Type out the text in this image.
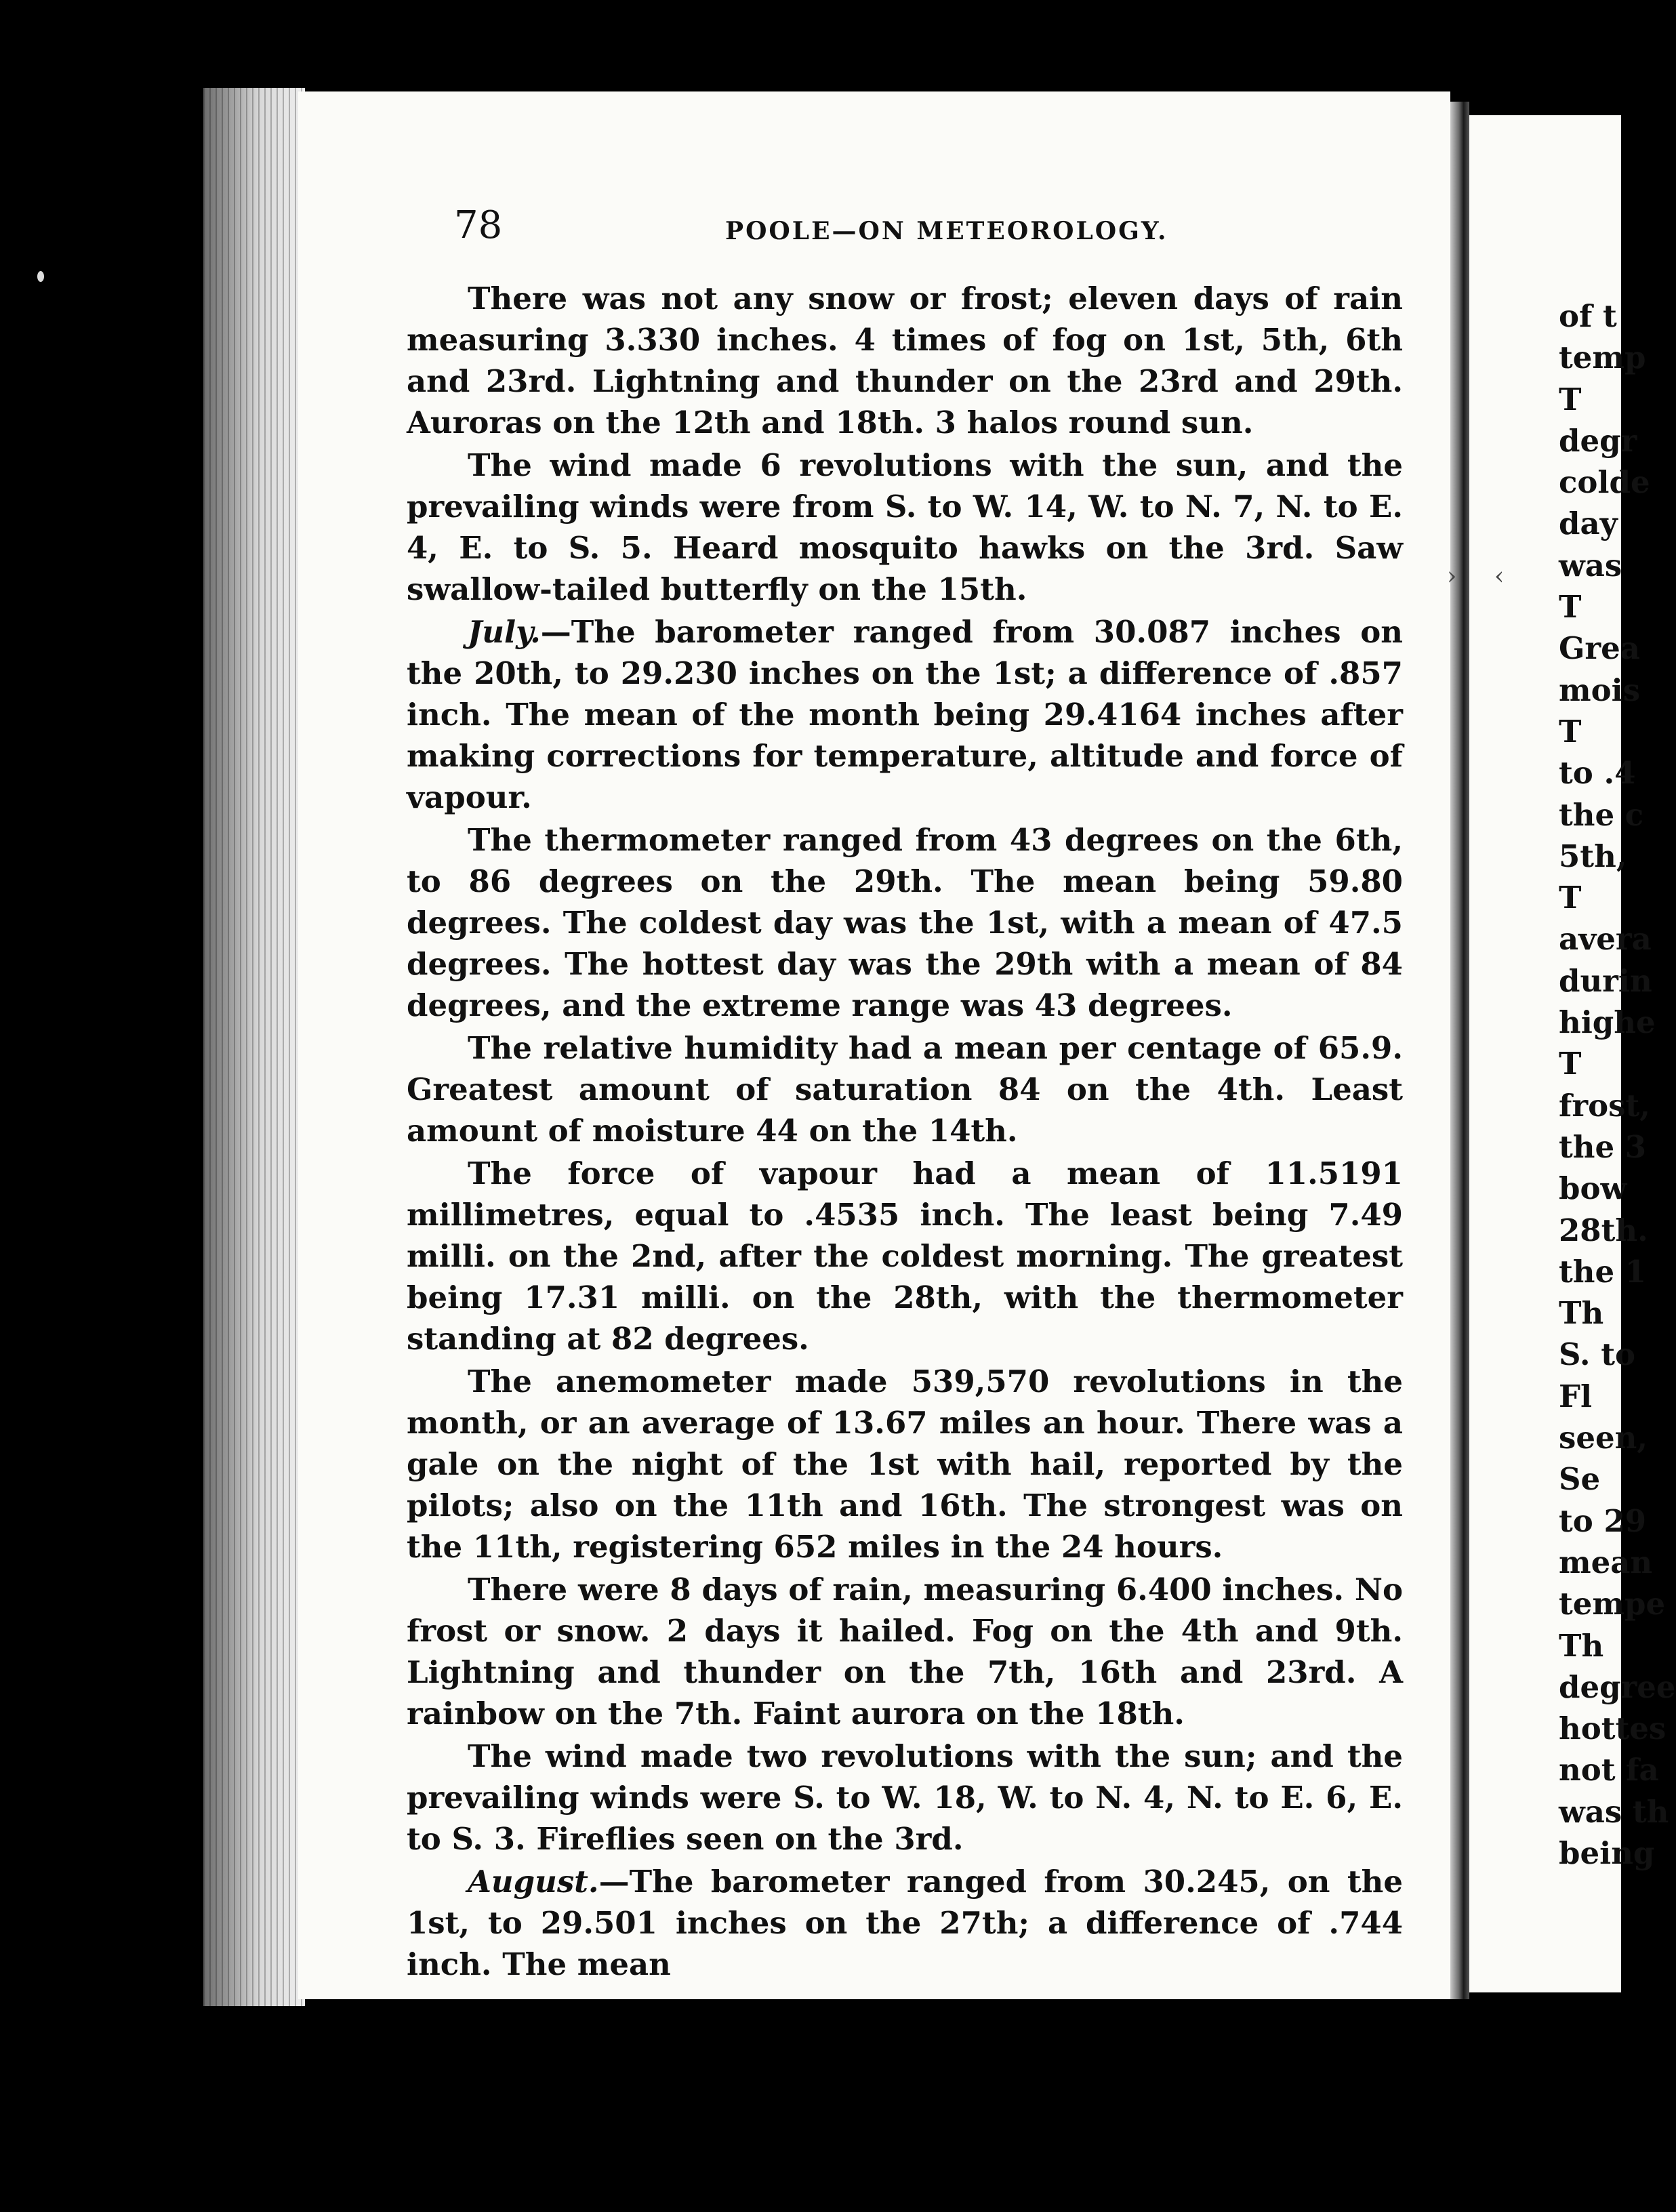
78	POOLE—ON METEOROLOGY.

There was not any snow or frost; eleven days of rain measuring 3.330 inches. 4 times of fog on 1st, 5th, 6th and 23rd. Lightning and thunder on the 23rd and 29th. Auroras on the 12th and 18th. 3 halos round sun.

The wind made 6 revolutions with the sun, and the prevailing winds were from S. to W. 14, W. to N. 7, N. to E. 4, E. to S. 5. Heard mosquito hawks on the 3rd. Saw swallow-tailed butterfly on the 15th.

July.—The barometer ranged from 30.087 inches on the 20th, to 29.230 inches on the 1st; a difference of .857 inch. The mean of the month being 29.4164 inches after making corrections for temperature, altitude and force of vapour.

The thermometer ranged from 43 degrees on the 6th, to 86 degrees on the 29th. The mean being 59.80 degrees. The coldest day was the 1st, with a mean of 47.5 degrees. The hottest day was the 29th with a mean of 84 degrees, and the extreme range was 43 degrees.

The relative humidity had a mean per centage of 65.9. Greatest amount of saturation 84 on the 4th. Least amount of moisture 44 on the 14th.

The force of vapour had a mean of 11.5191 millimetres, equal to .4535 inch. The least being 7.49 milli. on the 2nd, after the coldest morning. The greatest being 17.31 milli. on the 28th, with the thermometer standing at 82 degrees.

The anemometer made 539,570 revolutions in the month, or an average of 13.67 miles an hour. There was a gale on the night of the 1st with hail, reported by the pilots; also on the 11th and 16th. The strongest was on the 11th, registering 652 miles in the 24 hours.

There were 8 days of rain, measuring 6.400 inches. No frost or snow. 2 days it hailed. Fog on the 4th and 9th. Lightning and thunder on the 7th, 16th and 23rd. A rainbow on the 7th. Faint aurora on the 18th.

The wind made two revolutions with the sun; and the prevailing winds were S. to W. 18, W. to N. 4, N. to E. 6, E. to S. 3. Fireflies seen on the 3rd.

August.—The barometer ranged from 30.245, on the 1st, to 29.501 inches on the 27th; a difference of .744 inch. The mean

of t
temp
T
degr
colde
day
was
T
Grea
mois
T
to .4
the c
5th,
T
avera
durin
highe
T
frost,
the 3
bow
28th.
the 1
Th
S. to
Fl
seen,
Se
to 29
mean
tempe
Th
degree
hottes
not fa
was th
being
› ‹
